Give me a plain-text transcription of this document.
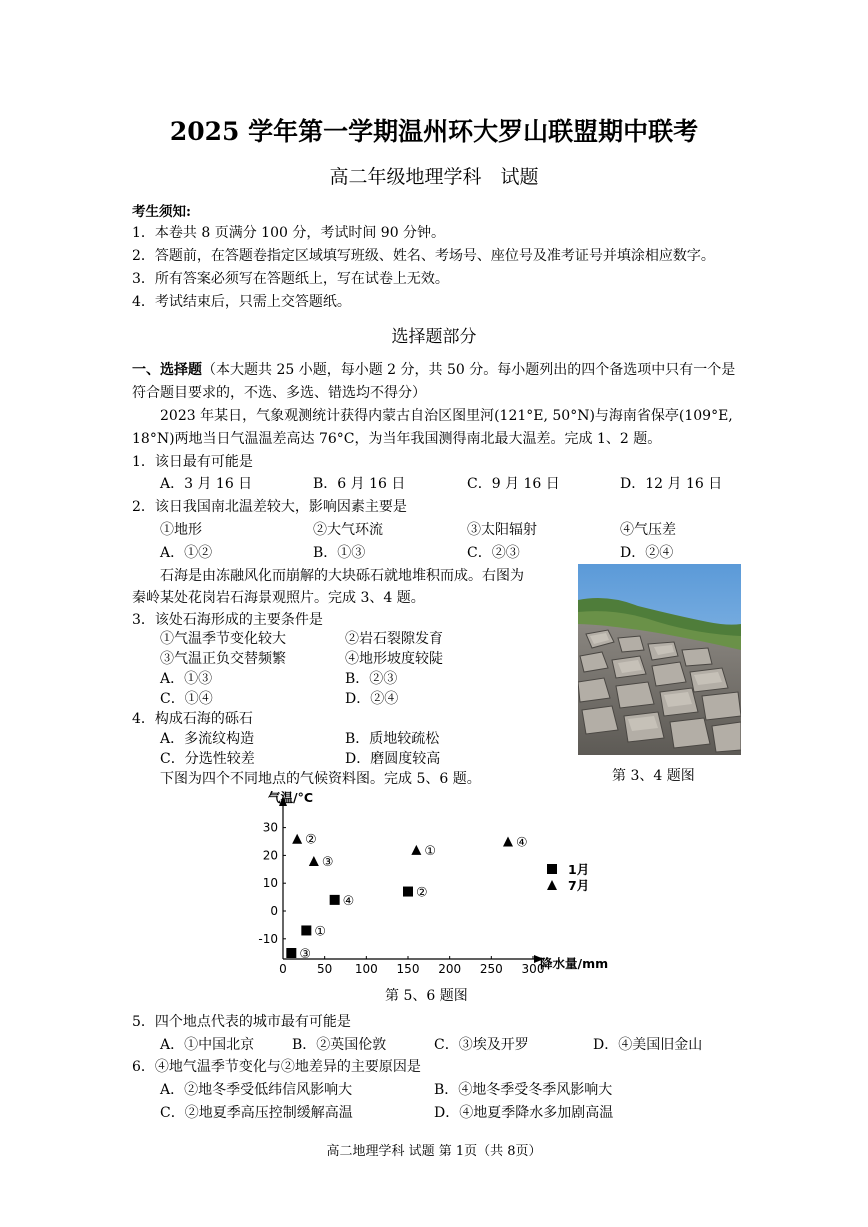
2025 学年第一学期温州环大罗山联盟期中联考
高二年级地理学科　试题
考生须知:
1．本卷共 8 页满分 100 分，考试时间 90 分钟。
2．答题前，在答题卷指定区域填写班级、姓名、考场号、座位号及准考证号并填涂相应数字。
3．所有答案必须写在答题纸上，写在试卷上无效。
4．考试结束后，只需上交答题纸。
选择题部分
一、选择题（本大题共 25 小题，每小题 2 分，共 50 分。每小题列出的四个备选项中只有一个是
符合题目要求的，不选、多选、错选均不得分）
2023 年某日，气象观测统计获得内蒙古自治区图里河(121°E, 50°N)与海南省保亭(109°E,
18°N)两地当日气温温差高达 76°C，为当年我国测得南北最大温差。完成 1、2 题。
1．该日最有可能是
A．3 月 16 日	B．6 月 16 日	C．9 月 16 日	D．12 月 16 日
2．该日我国南北温差较大，影响因素主要是
①地形	②大气环流	③太阳辐射	④气压差
A．①②	B．①③	C．②③	D．②④
石海是由冻融风化而崩解的大块砾石就地堆积而成。右图为
秦岭某处花岗岩石海景观照片。完成 3、4 题。
3．该处石海形成的主要条件是
①气温季节变化较大	②岩石裂隙发育
③气温正负交替频繁	④地形坡度较陡
A．①③	B．②③
C．①④	D．②④
4．构成石海的砾石
A．多流纹构造	B．质地较疏松
C．分选性较差	D．磨圆度较高
下图为四个不同地点的气候资料图。完成 5、6 题。	第 3、4 题图
气温/°C
降水量/mm
30
20
10
0
-10
0	50 100 150 200 250 300
①
②
③
④
①
②
③
④
1月
7月
第 5、6 题图
5．四个地点代表的城市最有可能是
A．①中国北京	B．②英国伦敦	C．③埃及开罗	D．④美国旧金山
6．④地气温季节变化与②地差异的主要原因是
A．②地冬季受低纬信风影响大	B．④地冬季受冬季风影响大
C．②地夏季高压控制缓解高温	D．④地夏季降水多加剧高温
高二地理学科 试题 第 1页（共 8页）
